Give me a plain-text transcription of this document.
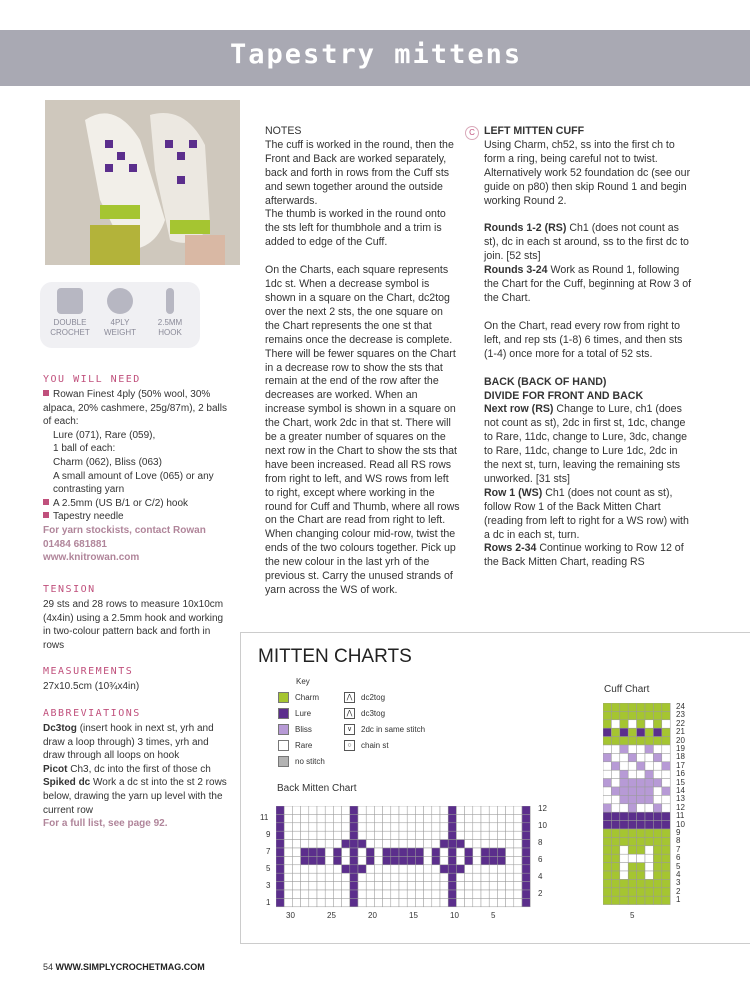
Tapestry mittens
DOUBLE
CROCHET
4PLY
WEIGHT
2.5MM
HOOK
YOU WILL NEED
Rowan Finest 4ply (50% wool, 30% alpaca, 20% cashmere, 25g/87m), 2 balls of each:
Lure (071), Rare (059),
1 ball of each:
Charm (062), Bliss (063)
A small amount of Love (065) or any contrasting yarn
A 2.5mm (US B/1 or C/2) hook
Tapestry needle
For yarn stockists, contact Rowan 01484 681881
www.knitrowan.com
TENSION
29 sts and 28 rows to measure 10x10cm (4x4in) using a 2.5mm hook and working in two-colour pattern back and forth in rows
MEASUREMENTS
27x10.5cm (10¾x4in)
ABBREVIATIONS
Dc3tog (insert hook in next st, yrh and draw a loop through) 3 times, yrh and draw through all loops on hook
Picot Ch3, dc into the first of those ch
Spiked dc Work a dc st into the st 2 rows below, drawing the yarn up level with the current row
For a full list, see page 92.

NOTES

The cuff is worked in the round, then the Front and Back are worked separately, back and forth in rows from the Cuff sts and sewn together around the outside afterwards.

The thumb is worked in the round onto the sts left for thumbhole and a trim is added to edge of the Cuff.

On the Charts, each square represents 1dc st. When a decrease symbol is shown in a square on the Chart, dc2tog over the next 2 sts, the one square on the Chart represents the one st that remains once the decrease is complete. There will be fewer squares on the Chart in a decrease row to show the sts that remain at the end of the row after the decreases are worked. When an increase symbol is shown in a square on the Chart, work 2dc in that st. There will be a greater number of squares on the next row in the Chart to show the sts that have been increased. Read all RS rows from right to left, and WS rows from left to right, except where working in the round for Cuff and Thumb, where all rows on the Chart are read from right to left.

When changing colour mid-row, twist the ends of the two colours together. Pick up the new colour in the last yrh of the previous st. Carry the unused strands of yarn across the WS of work.

C LEFT MITTEN CUFF

Using Charm, ch52, ss into the first ch to form a ring, being careful not to twist.

Alternatively work 52 foundation dc (see our guide on p80) then skip Round 1 and begin working Round 2.

Rounds 1-2 (RS) Ch1 (does not count as st), dc in each st around, ss to the first dc to join. [52 sts]

Rounds 3-24 Work as Round 1, following the Chart for the Cuff, beginning at Row 3 of the Chart.

On the Chart, read every row from right to left, and rep sts (1-8) 6 times, and then sts (1-4) once more for a total of 52 sts.

BACK (BACK OF HAND)

DIVIDE FOR FRONT AND BACK

Next row (RS) Change to Lure, ch1 (does not count as st), 2dc in first st, 1dc, change to Rare, 11dc, change to Lure, 3dc, change to Rare, 11dc, change to Lure 1dc, 2dc in the next st, turn, leaving the remaining sts unworked. [31 sts]

Row 1 (WS) Ch1 (does not count as st), follow Row 1 of the Back Mitten Chart (reading from left to right for a WS row) with a dc in each st, turn.

Rows 2-34 Continue working to Row 12 of the Back Mitten Chart, reading RS

MITTEN CHARTS
Key
Charm
Lure
Bliss
Rare
no stitch
⋀	dc2tog
⋀	dc3tog
∨	2dc in same stitch
○	chain st
Back Mitten Chart
Cuff Chart
11
9
7
5
3
1
12
10
8
6
4
2
30	25	20	15	10	5
24
23
22
21
20
19
18
17
16
15
14
13
12
11
10
9
8
7
6
5
4
3
2
1
5
54 WWW.SIMPLYCROCHETMAG.COM
